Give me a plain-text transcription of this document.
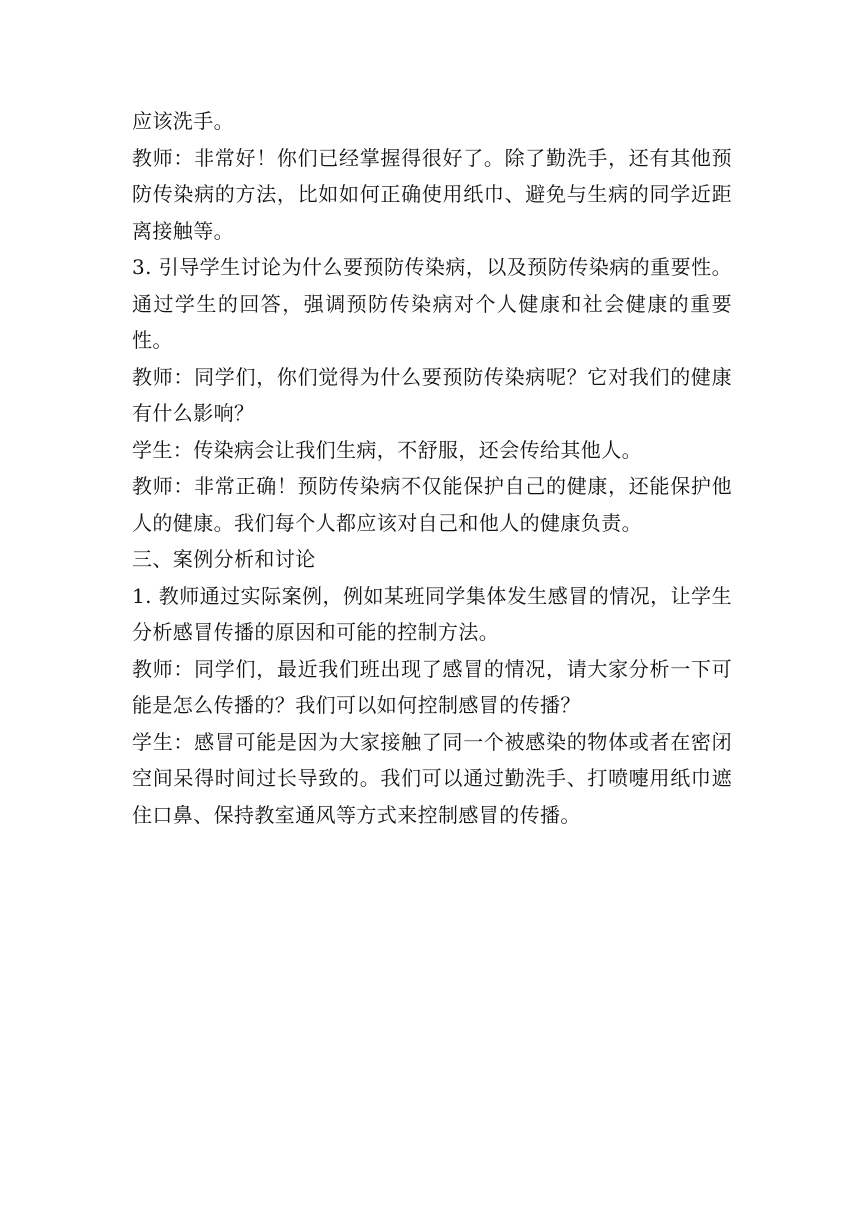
应该洗手。

教师：非常好！你们已经掌握得很好了。除了勤洗手，还有其他预防传染病的方法，比如如何正确使用纸巾、避免与生病的同学近距离接触等。

3. 引导学生讨论为什么要预防传染病，以及预防传染病的重要性。通过学生的回答，强调预防传染病对个人健康和社会健康的重要性。

教师：同学们，你们觉得为什么要预防传染病呢？它对我们的健康有什么影响？

学生：传染病会让我们生病，不舒服，还会传给其他人。

教师：非常正确！预防传染病不仅能保护自己的健康，还能保护他人的健康。我们每个人都应该对自己和他人的健康负责。

三、案例分析和讨论

1. 教师通过实际案例，例如某班同学集体发生感冒的情况，让学生分析感冒传播的原因和可能的控制方法。

教师：同学们，最近我们班出现了感冒的情况，请大家分析一下可能是怎么传播的？我们可以如何控制感冒的传播？

学生：感冒可能是因为大家接触了同一个被感染的物体或者在密闭空间呆得时间过长导致的。我们可以通过勤洗手、打喷嚏用纸巾遮住口鼻、保持教室通风等方式来控制感冒的传播。
